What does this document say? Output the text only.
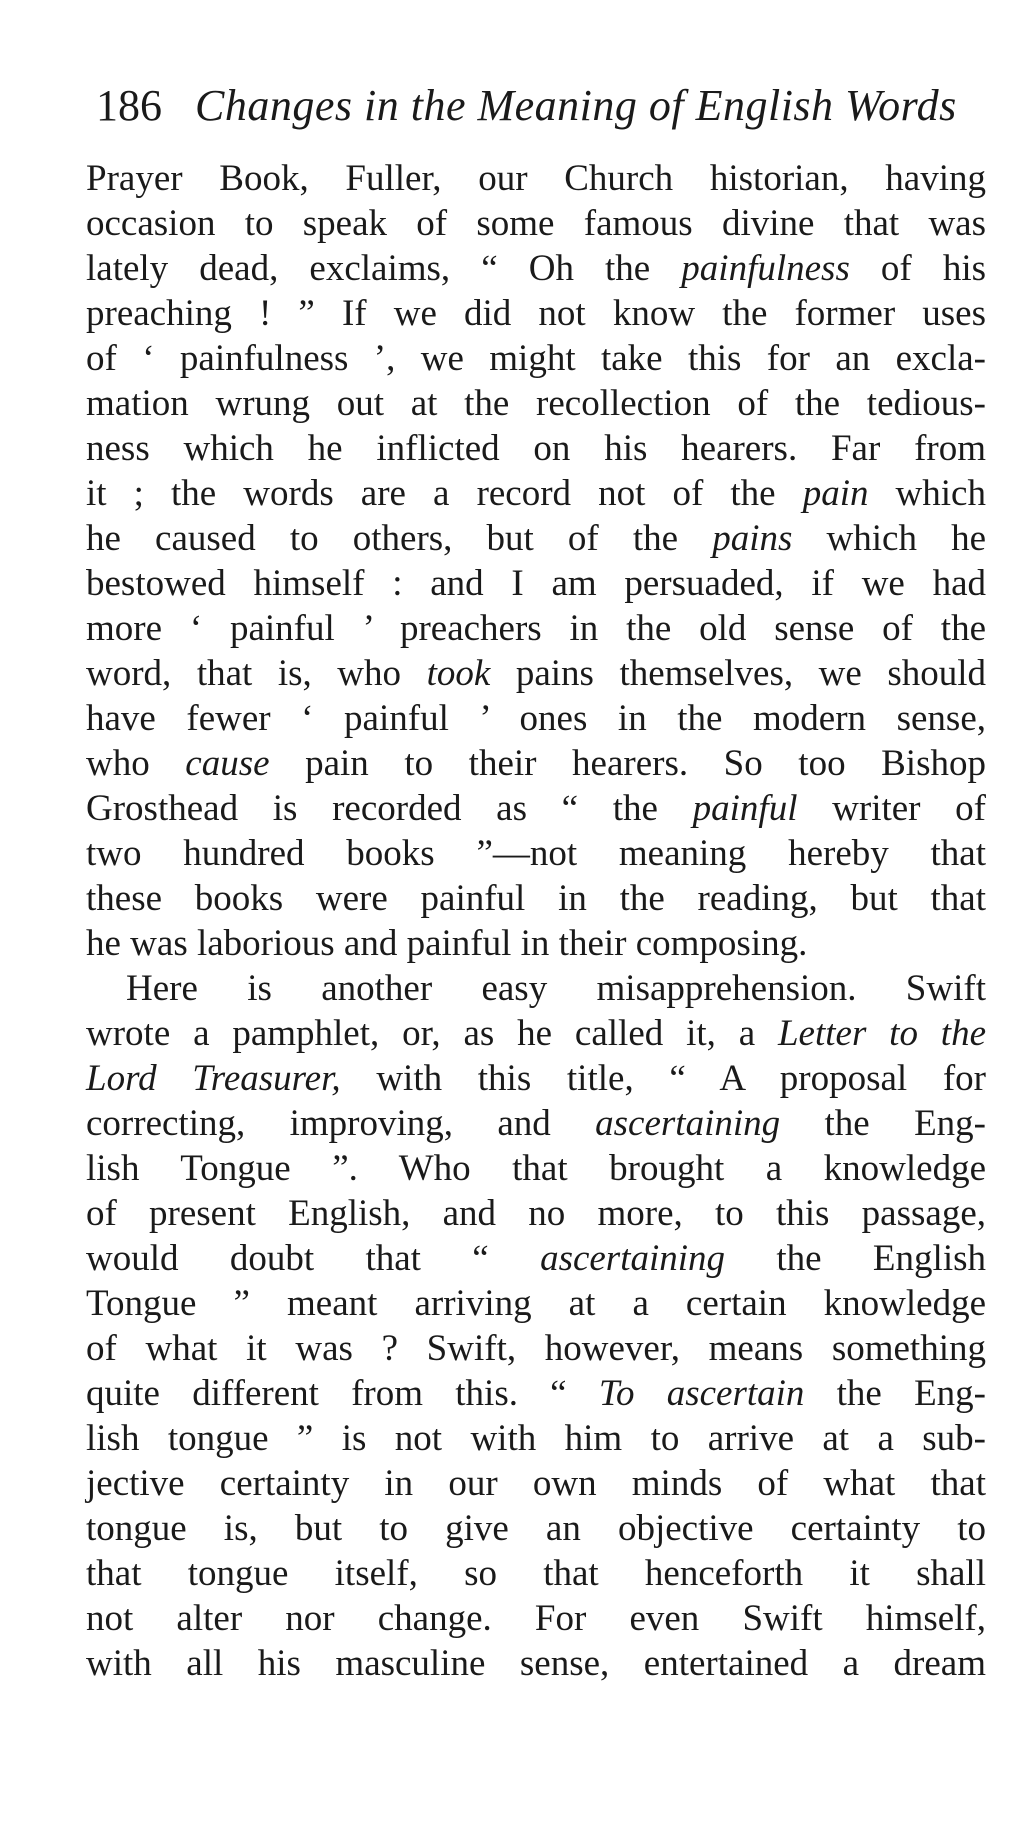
186 Changes in the Meaning of English Words
Prayer Book, Fuller, our Church historian, having
occasion to speak of some famous divine that was
lately dead, exclaims, “ Oh the painfulness of his
preaching ! ” If we did not know the former uses
of ‘ painfulness ’, we might take this for an excla-
mation wrung out at the recollection of the tedious-
ness which he inflicted on his hearers. Far from
it ; the words are a record not of the pain which
he caused to others, but of the pains which he
bestowed himself : and I am persuaded, if we had
more ‘ painful ’ preachers in the old sense of the
word, that is, who took pains themselves, we should
have fewer ‘ painful ’ ones in the modern sense,
who cause pain to their hearers. So too Bishop
Grosthead is recorded as “ the painful writer of
two hundred books ”—not meaning hereby that
these books were painful in the reading, but that
he was laborious and painful in their composing.
Here is another easy misapprehension. Swift
wrote a pamphlet, or, as he called it, a Letter to the
Lord Treasurer, with this title, “ A proposal for
correcting, improving, and ascertaining the Eng-
lish Tongue ”. Who that brought a knowledge
of present English, and no more, to this passage,
would doubt that “ ascertaining the English
Tongue ” meant arriving at a certain knowledge
of what it was ? Swift, however, means something
quite different from this. “ To ascertain the Eng-
lish tongue ” is not with him to arrive at a sub-
jective certainty in our own minds of what that
tongue is, but to give an objective certainty to
that tongue itself, so that henceforth it shall
not alter nor change. For even Swift himself,
with all his masculine sense, entertained a dream
